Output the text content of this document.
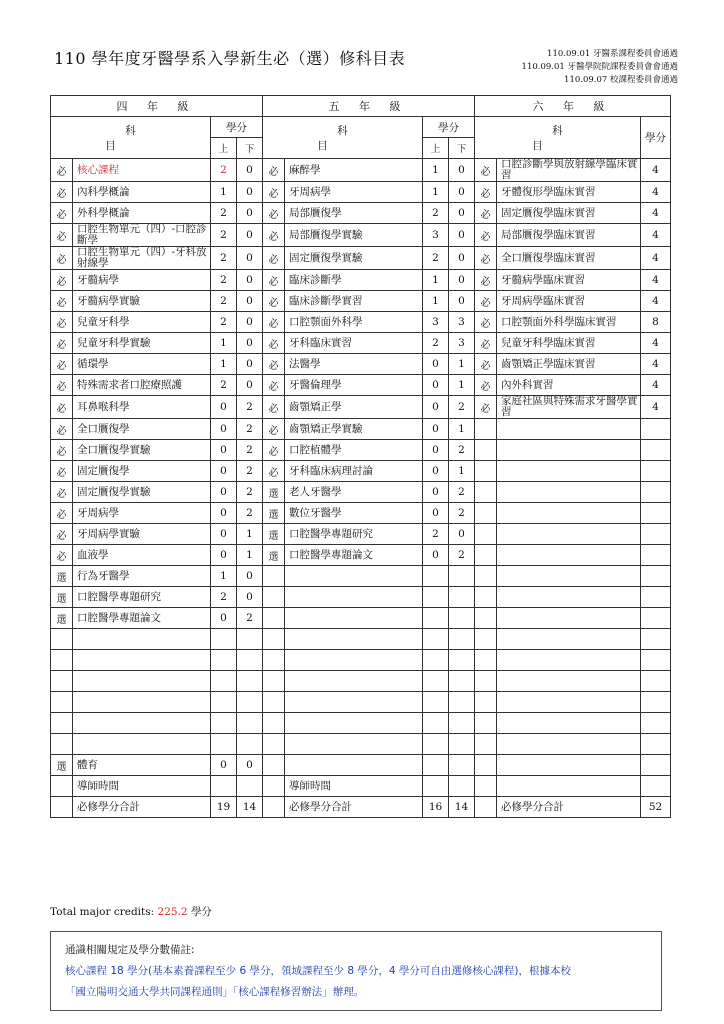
110 學年度牙醫學系入學新生必（選）修科目表	110.09.01 牙醫系課程委員會通過
110.09.01 牙醫學院院課程委員會會通過
110.09.07 校課程委員會通過
四 年 級				五 年 級				六 年 級		
科 目		學分		科 目		學分		科 目		學分
		上	下			上	下			
必	核心課程	2	0	必	麻醉學	1	0	必	口腔診斷學與放射線學臨床實習	4
必	內科學概論	1	0	必	牙周病學	1	0	必	牙體復形學臨床實習	4
必	外科學概論	2	0	必	局部贋復學	2	0	必	固定贋復學臨床實習	4
必	口腔生物單元（四）-口腔診斷學	2	0	必	局部贋復學實驗	3	0	必	局部贋復學臨床實習	4
必	口腔生物單元（四）-牙科放射線學	2	0	必	固定贋復學實驗	2	0	必	全口贋復學臨床實習	4
必	牙髓病學	2	0	必	臨床診斷學	1	0	必	牙髓病學臨床實習	4
必	牙髓病學實驗	2	0	必	臨床診斷學實習	1	0	必	牙周病學臨床實習	4
必	兒童牙科學	2	0	必	口腔顎面外科學	3	3	必	口腔顎面外科學臨床實習	8
必	兒童牙科學實驗	1	0	必	牙科臨床實習	2	3	必	兒童牙科學臨床實習	4
必	循環學	1	0	必	法醫學	0	1	必	齒顎矯正學臨床實習	4
必	特殊需求者口腔療照護	2	0	必	牙醫倫理學	0	1	必	內外科實習	4
必	耳鼻喉科學	0	2	必	齒顎矯正學	0	2	必	家庭社區與特殊需求牙醫學實習	4
必	全口贋復學	0	2	必	齒顎矯正學實驗	0	1			
必	全口贋復學實驗	0	2	必	口腔植體學	0	2			
必	固定贋復學	0	2	必	牙科臨床病理討論	0	1			
必	固定贋復學實驗	0	2	選	老人牙醫學	0	2			
必	牙周病學	0	2	選	數位牙醫學	0	2			
必	牙周病學實驗	0	1	選	口腔醫學專題研究	2	0			
必	血液學	0	1	選	口腔醫學專題論文	0	2			
選	行為牙醫學	1	0							
選	口腔醫學專題研究	2	0							
選	口腔醫學專題論文	0	2							

選	體育	0	0							
	導師時間				導師時間					
	必修學分合計	19	14		必修學分合計	16	14		必修學分合計	52
Total major credits: 225.2 學分
通識相關規定及學分數備註:
核心課程 18 學分(基本素養課程至少 6 學分，領域課程至少 8 學分，4 學分可自由選修核心課程)，根據本校
「國立陽明交通大學共同課程通則」「核心課程修習辦法」辦理。
